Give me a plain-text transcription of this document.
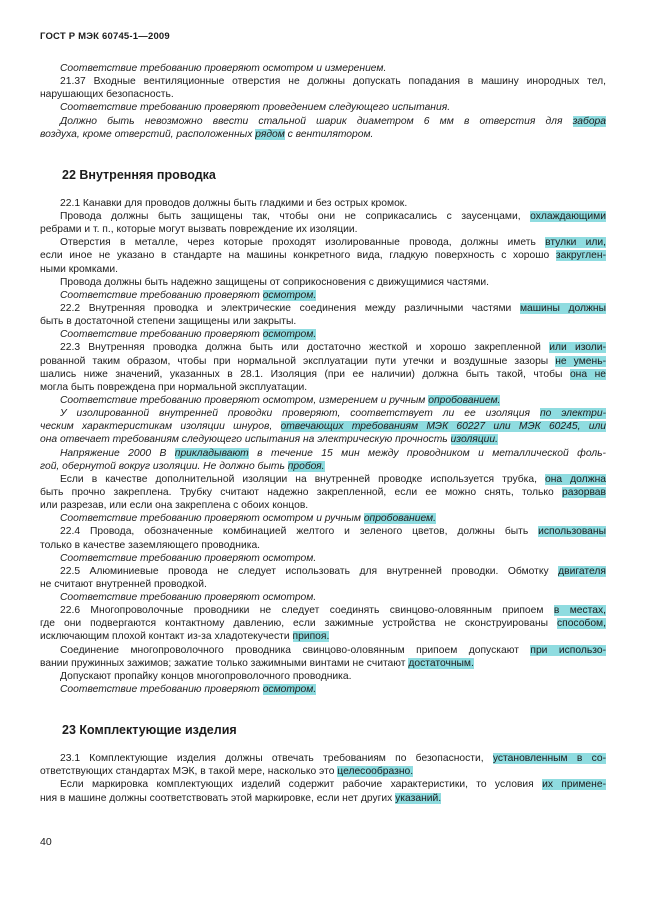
ГОСТ Р МЭК 60745-1—2009
Соответствие требованию проверяют осмотром и измерением.
21.37 Входные вентиляционные отверстия не должны допускать попадания в машину инородных тел,
нарушающих безопасность.
Соответствие требованию проверяют проведением следующего испытания.
Должно быть невозможно ввести стальной шарик диаметром 6 мм в отверстия для забора
воздуха, кроме отверстий, расположенных рядом с вентилятором.
22 Внутренняя проводка
22.1 Канавки для проводов должны быть гладкими и без острых кромок.
Провода должны быть защищены так, чтобы они не соприкасались с заусенцами, охлаждающими
ребрами и т. п., которые могут вызвать повреждение их изоляции.
Отверстия в металле, через которые проходят изолированные провода, должны иметь втулки или,
если иное не указано в стандарте на машины конкретного вида, гладкую поверхность с хорошо закруглен-
ными кромками.
Провода должны быть надежно защищены от соприкосновения с движущимися частями.
Соответствие требованию проверяют осмотром.
22.2 Внутренняя проводка и электрические соединения между различными частями машины должны
быть в достаточной степени защищены или закрыты.
Соответствие требованию проверяют осмотром.
22.3 Внутренняя проводка должна быть или достаточно жесткой и хорошо закрепленной или изоли-
рованной таким образом, чтобы при нормальной эксплуатации пути утечки и воздушные зазоры не умень-
шались ниже значений, указанных в 28.1. Изоляция (при ее наличии) должна быть такой, чтобы она не
могла быть повреждена при нормальной эксплуатации.
Соответствие требованию проверяют осмотром, измерением и ручным опробованием.
У изолированной внутренней проводки проверяют, соответствует ли ее изоляция по электри-
ческим характеристикам изоляции шнуров, отвечающих требованиям МЭК 60227 или МЭК 60245, или
она отвечает требованиям следующего испытания на электрическую прочность изоляции.
Напряжение 2000 В прикладывают в течение 15 мин между проводником и металлической фоль-
гой, обернутой вокруг изоляции. Не должно быть пробоя.
Если в качестве дополнительной изоляции на внутренней проводке используется трубка, она должна
быть прочно закреплена. Трубку считают надежно закрепленной, если ее можно снять, только разорвав
или разрезав, или если она закреплена с обоих концов.
Соответствие требованию проверяют осмотром и ручным опробованием.
22.4 Провода, обозначенные комбинацией желтого и зеленого цветов, должны быть использованы
только в качестве заземляющего проводника.
Соответствие требованию проверяют осмотром.
22.5 Алюминиевые провода не следует использовать для внутренней проводки. Обмотку двигателя
не считают внутренней проводкой.
Соответствие требованию проверяют осмотром.
22.6 Многопроволочные проводники не следует соединять свинцово-оловянным припоем в местах,
где они подвергаются контактному давлению, если зажимные устройства не сконструированы способом,
исключающим плохой контакт из-за хладотекучести припоя.
Соединение многопроволочного проводника свинцово-оловянным припоем допускают при использо-
вании пружинных зажимов; зажатие только зажимными винтами не считают достаточным.
Допускают пропайку концов многопроволочного проводника.
Соответствие требованию проверяют осмотром.
23 Комплектующие изделия
23.1 Комплектующие изделия должны отвечать требованиям по безопасности, установленным в со-
ответствующих стандартах МЭК, в такой мере, насколько это целесообразно.
Если маркировка комплектующих изделий содержит рабочие характеристики, то условия их примене-
ния в машине должны соответствовать этой маркировке, если нет других указаний.
40
